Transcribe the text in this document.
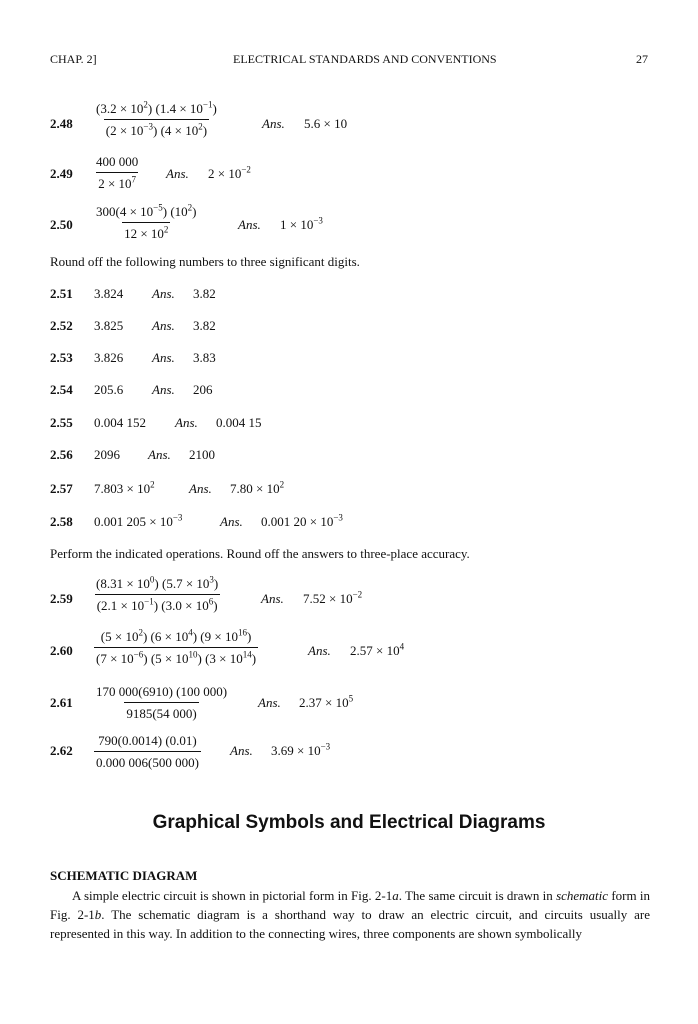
CHAP. 2]	ELECTRICAL STANDARDS AND CONVENTIONS	27
$2.48 \frac{(3.2 \times 10^2) (1.4 \times 10^{-1})}{(2 \times 10^{-3}) (4 \times 10^2)}$	Ans. 5.6 × 10
$2.49 \frac{400 000}{2 \times 10^7}$ Ans. $2 \times 10^{-2}$
$2.50 \frac{300(4 \times 10^{-5}) (10^2)}{12 \times 10^2}$	Ans. $1 \times 10^{-3}$
Round off the following numbers to three significant digits.
2.51 3.824 Ans. 3.82
2.52 3.825 Ans. 3.82
2.53 3.826 Ans. 3.83
2.54 205.6 Ans. 206
2.55 0.004 152 Ans. 0.004 15
2.56 2096 Ans. 2100
2.57 $7.803 \times 10^2$	Ans. $7.80 \times 10^2$
2.58 0.001 $205 \times 10^{-3}$	Ans. 0.001 $20 \times 10^{-3}$
Perform the indicated operations. Round off the answers to three-place accuracy.
$2.59 \frac{(8.31 \times 10^0) (5.7 \times 10^3)}{(2.1 \times 10^{-1}) (3.0 \times 10^6)}$	Ans. $7.52 \times 10^{-2}$
$2.60 \frac{(5 \times 10^2) (6 \times 10^4) (9 \times 10^{16})}{(7 \times 10^{-6}) (5 \times 10^{10}) (3 \times 10^{14})}$	Ans. $2.57 \times 10^4$
$2.61 \frac{170 000(6910) (100 000)}{9185(54 000)}$ Ans. $2.37 \times 10^5$
$2.62 \frac{790(0.0014) (0.01)}{0.000 006(500 000)}$ Ans. $3.69 \times 10^{-3}$
Graphical Symbols and Electrical Diagrams
SCHEMATIC DIAGRAM
A simple electric circuit is shown in pictorial form in Fig. 2-1a. The same circuit is drawn in schematic form in Fig. 2-1b. The schematic diagram is a shorthand way to draw an electric circuit, and circuits usually are represented in this way. In addition to the connecting wires, three components are shown symbolically
